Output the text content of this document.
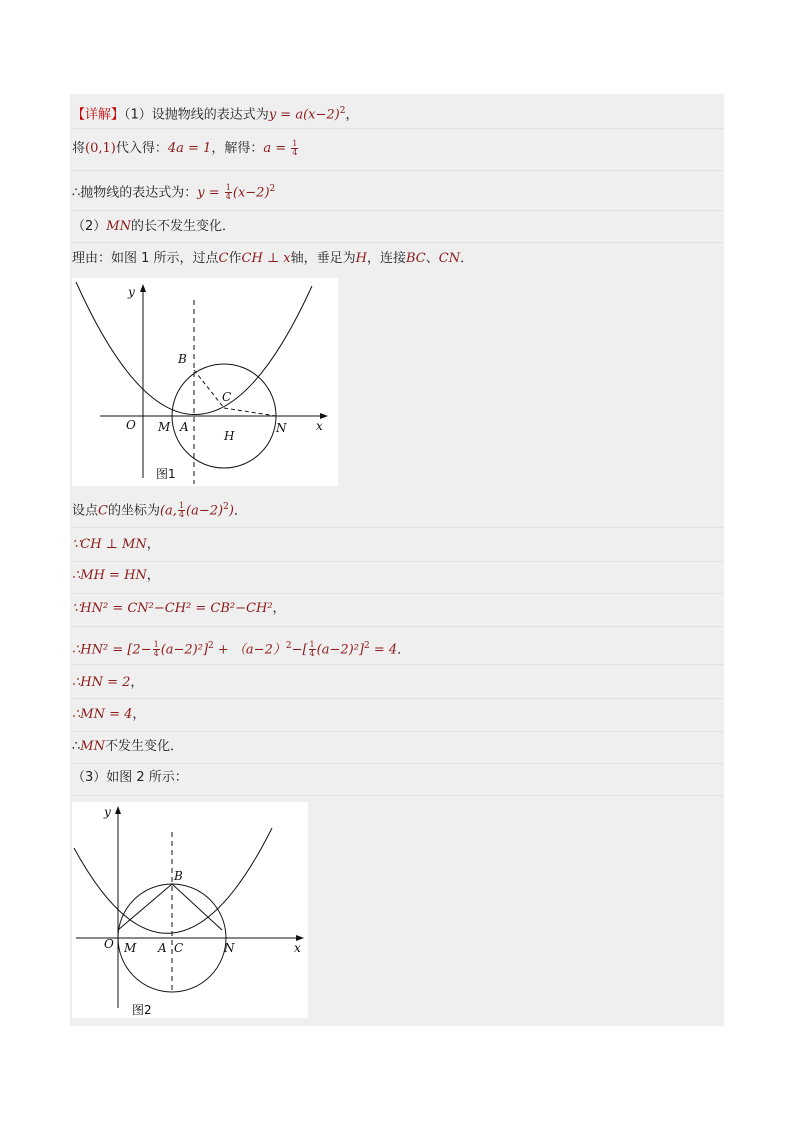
【详解】（1）设抛物线的表达式为$y = a(x-2)^2$，
将(0,1)代入得：4a = 1，解得：$a = \frac{1}{4}$
∴抛物线的表达式为：$y = \frac{1}{4} (x-2)^2$
（2）MN的长不发生变化．
理由：如图 1 所示，过点C作CH ⊥ x轴，垂足为H，连接BC、CN．
y
x
O M A
H
N
B
C
图1
设点C的坐标为(a, $\frac{1}{4} (a-2)^2$)．
∵CH ⊥ MN，
∴MH = HN，
∵HN² = CN²−CH² = CB²−CH²，
∴HN² = $[2- \frac{1}{4} (a-2)^2]^2 + (a-2)^2-[ \frac{1}{4} (a-2)^2]^2 = 4$．
∴HN = 2，
∴MN = 4，
∴MN不发生变化．
（3）如图 2 所示：
y
x
O M A C	N
B
图2
